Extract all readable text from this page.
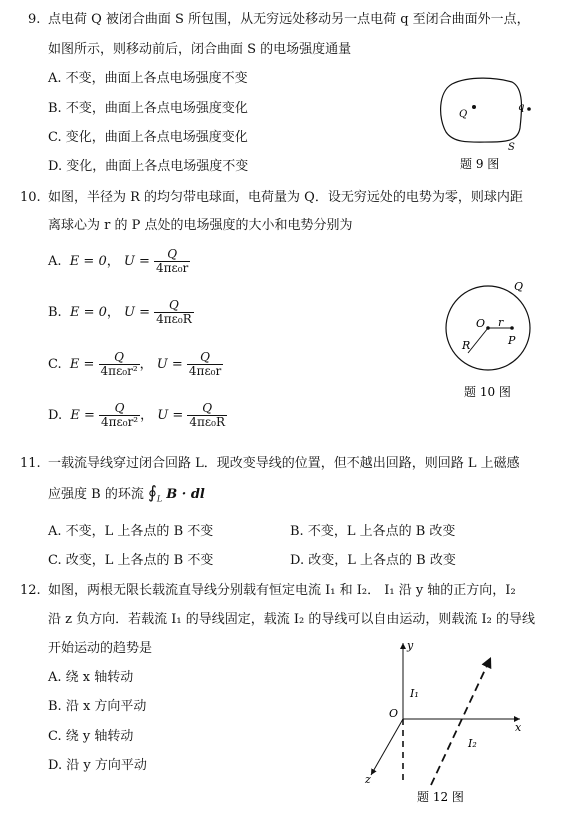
9. 点电荷 Q 被闭合曲面 S 所包围，从无穷远处移动另一点电荷 q 至闭合曲面外一点，
如图所示，则移动前后，闭合曲面 S 的电场强度通量
A. 不变，曲面上各点电场强度不变
B. 不变，曲面上各点电场强度变化
C. 变化，曲面上各点电场强度变化
D. 变化，曲面上各点电场强度不变
Q
q
S
题 9 图
10. 如图，半径为 R 的均匀带电球面，电荷量为 Q．设无穷远处的电势为零，则球内距
离球心为 r 的 P 点处的电场强度的大小和电势分别为
A. E = 0， $U = \frac{Q}{\text{4πε₀r}}$
B. E = 0， $U = \frac{Q}{\text{4πε₀R}}$
C. $E = \frac{Q}{\text{4πε₀r²}}$ ， $U = \frac{Q}{\text{4πε₀r}}$
D. $E = \frac{Q}{\text{4πε₀r²}}$ ， $U = \frac{Q}{\text{4πε₀R}}$
Q
O r
R	P
题 10 图
11. 一载流导线穿过闭合回路 L．现改变导线的位置，但不越出回路，则回路 L 上磁感
应强度 B 的环流 $∮_L$ B · dl
A. 不变，L 上各点的 B 不变	B. 不变，L 上各点的 B 改变
C. 改变，L 上各点的 B 不变	D. 改变，L 上各点的 B 改变
12. 如图，两根无限长载流直导线分别载有恒定电流 I₁ 和 I₂． I₁ 沿 y 轴的正方向，I₂
沿 z 负方向．若载流 I₁ 的导线固定，载流 I₂ 的导线可以自由运动，则载流 I₂ 的导线
开始运动的趋势是
A. 绕 x 轴转动
B. 沿 x 方向平动
C. 绕 y 轴转动
D. 沿 y 方向平动
y
x
z
O
I₁
I₂
题 12 图
